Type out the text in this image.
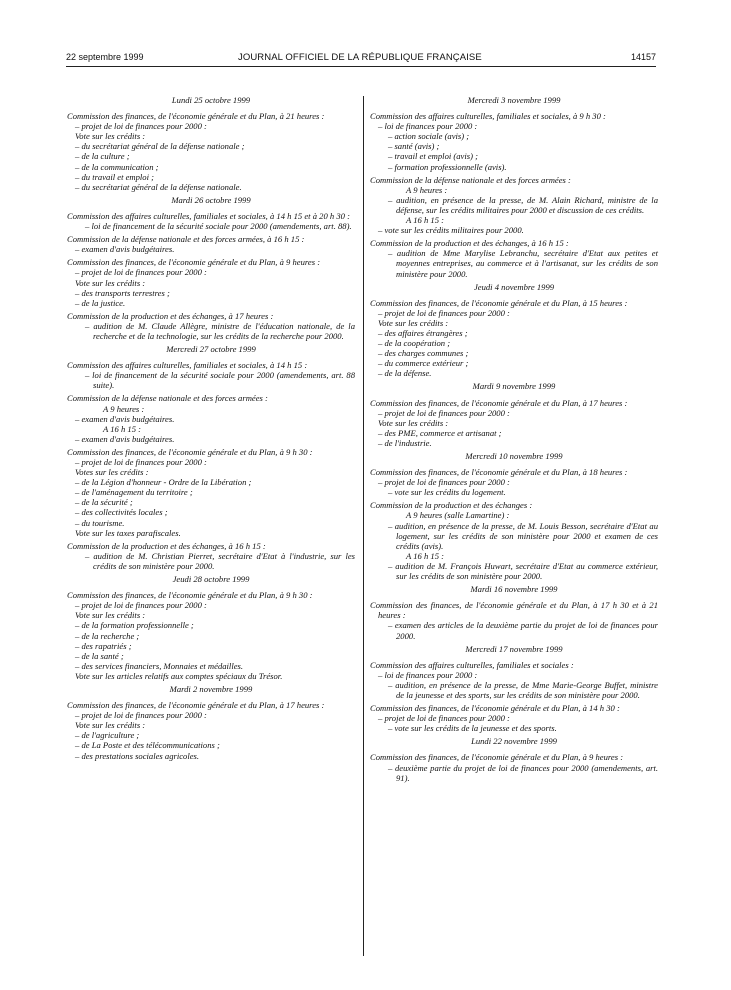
22 septembre 1999	JOURNAL OFFICIEL DE LA RÉPUBLIQUE FRANÇAISE	14157
Lundi 25 octobre 1999
Commission des finances, de l'économie générale et du Plan, à 21 heures :
– projet de loi de finances pour 2000 :
Vote sur les crédits :
– du secrétariat général de la défense nationale ;
– de la culture ;
– de la communication ;
– du travail et emploi ;
– du secrétariat général de la défense nationale.
Mardi 26 octobre 1999
Commission des affaires culturelles, familiales et sociales, à 14 h 15 et à 20 h 30 :
– loi de financement de la sécurité sociale pour 2000 (amendements, art. 88).
Commission de la défense nationale et des forces armées, à 16 h 15 :
– examen d'avis budgétaires.
Commission des finances, de l'économie générale et du Plan, à 9 heures :
– projet de loi de finances pour 2000 :
Vote sur les crédits :
– des transports terrestres ;
– de la justice.
Commission de la production et des échanges, à 17 heures :
– audition de M. Claude Allègre, ministre de l'éducation nationale, de la recherche et de la technologie, sur les crédits de la recherche pour 2000.
Mercredi 27 octobre 1999
Commission des affaires culturelles, familiales et sociales, à 14 h 15 :
– loi de financement de la sécurité sociale pour 2000 (amendements, art. 88 suite).
Commission de la défense nationale et des forces armées :
A 9 heures :
– examen d'avis budgétaires.
A 16 h 15 :
– examen d'avis budgétaires.
Commission des finances, de l'économie générale et du Plan, à 9 h 30 :
– projet de loi de finances pour 2000 :
Votes sur les crédits :
– de la Légion d'honneur - Ordre de la Libération ;
– de l'aménagement du territoire ;
– de la sécurité ;
– des collectivités locales ;
– du tourisme.
Vote sur les taxes parafiscales.
Commission de la production et des échanges, à 16 h 15 :
– audition de M. Christian Pierret, secrétaire d'Etat à l'industrie, sur les crédits de son ministère pour 2000.
Jeudi 28 octobre 1999
Commission des finances, de l'économie générale et du Plan, à 9 h 30 :
– projet de loi de finances pour 2000 :
Vote sur les crédits :
– de la formation professionnelle ;
– de la recherche ;
– des rapatriés ;
– de la santé ;
– des services financiers, Monnaies et médailles.
Vote sur les articles relatifs aux comptes spéciaux du Trésor.
Mardi 2 novembre 1999
Commission des finances, de l'économie générale et du Plan, à 17 heures :
– projet de loi de finances pour 2000 :
Vote sur les crédits :
– de l'agriculture ;
– de La Poste et des télécommunications ;
– des prestations sociales agricoles.
Mercredi 3 novembre 1999
Commission des affaires culturelles, familiales et sociales, à 9 h 30 :
– loi de finances pour 2000 :
– action sociale (avis) ;
– santé (avis) ;
– travail et emploi (avis) ;
– formation professionnelle (avis).
Commission de la défense nationale et des forces armées :
A 9 heures :
– audition, en présence de la presse, de M. Alain Richard, ministre de la défense, sur les crédits militaires pour 2000 et discussion de ces crédits.
A 16 h 15 :
– vote sur les crédits militaires pour 2000.
Commission de la production et des échanges, à 16 h 15 :
– audition de Mme Marylise Lebranchu, secrétaire d'Etat aux petites et moyennes entreprises, au commerce et à l'artisanat, sur les crédits de son ministère pour 2000.
Jeudi 4 novembre 1999
Commission des finances, de l'économie générale et du Plan, à 15 heures :
– projet de loi de finances pour 2000 :
Vote sur les crédits :
– des affaires étrangères ;
– de la coopération ;
– des charges communes ;
– du commerce extérieur ;
– de la défense.
Mardi 9 novembre 1999
Commission des finances, de l'économie générale et du Plan, à 17 heures :
– projet de loi de finances pour 2000 :
Vote sur les crédits :
– des PME, commerce et artisanat ;
– de l'industrie.
Mercredi 10 novembre 1999
Commission des finances, de l'économie générale et du Plan, à 18 heures :
– projet de loi de finances pour 2000 :
– vote sur les crédits du logement.
Commission de la production et des échanges :
A 9 heures (salle Lamartine) :
– audition, en présence de la presse, de M. Louis Besson, secrétaire d'Etat au logement, sur les crédits de son ministère pour 2000 et examen de ces crédits (avis).
A 16 h 15 :
– audition de M. François Huwart, secrétaire d'Etat au commerce extérieur, sur les crédits de son ministère pour 2000.
Mardi 16 novembre 1999
Commission des finances, de l'économie générale et du Plan, à 17 h 30 et à 21 heures :
– examen des articles de la deuxième partie du projet de loi de finances pour 2000.
Mercredi 17 novembre 1999
Commission des affaires culturelles, familiales et sociales :
– loi de finances pour 2000 :
– audition, en présence de la presse, de Mme Marie-George Buffet, ministre de la jeunesse et des sports, sur les crédits de son ministère pour 2000.
Commission des finances, de l'économie générale et du Plan, à 14 h 30 :
– projet de loi de finances pour 2000 :
– vote sur les crédits de la jeunesse et des sports.
Lundi 22 novembre 1999
Commission des finances, de l'économie générale et du Plan, à 9 heures :
– deuxième partie du projet de loi de finances pour 2000 (amendements, art. 91).
